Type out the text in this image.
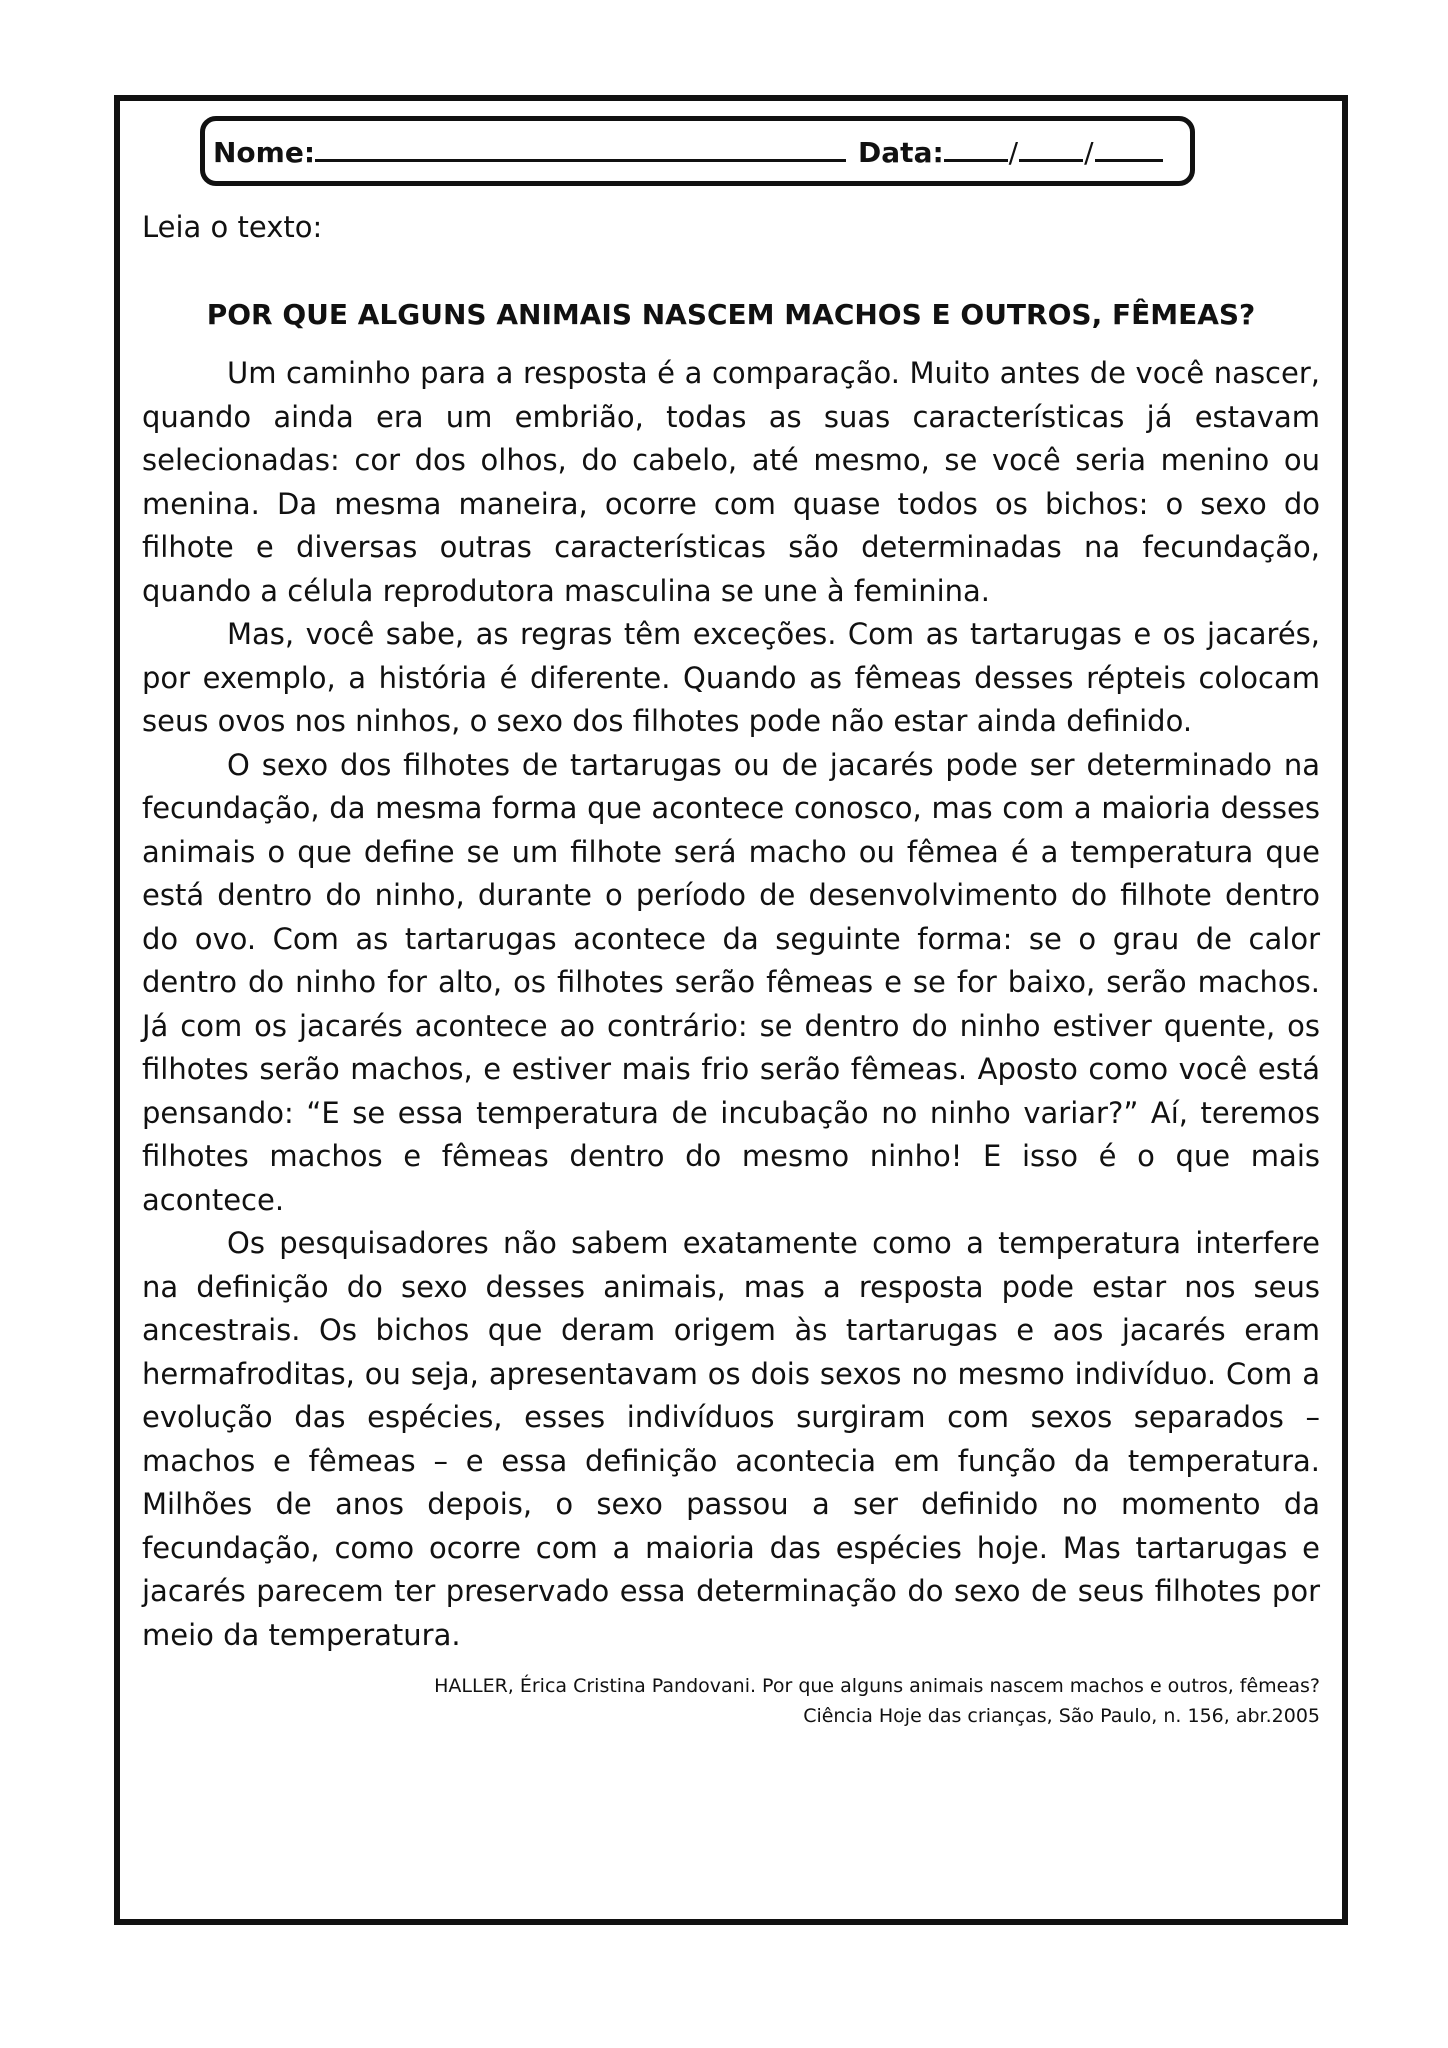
Nome:	Data: / /
Leia o texto:
POR QUE ALGUNS ANIMAIS NASCEM MACHOS E OUTROS, FÊMEAS?

Um caminho para a resposta é a comparação. Muito antes de você nascer, quando ainda era um embrião, todas as suas características já estavam selecionadas: cor dos olhos, do cabelo, até mesmo, se você seria menino ou menina. Da mesma maneira, ocorre com quase todos os bichos: o sexo do filhote e diversas outras características são determinadas na fecundação, quando a célula reprodutora masculina se une à feminina.

Mas, você sabe, as regras têm exceções. Com as tartarugas e os jacarés, por exemplo, a história é diferente. Quando as fêmeas desses répteis colocam seus ovos nos ninhos, o sexo dos filhotes pode não estar ainda definido.

O sexo dos filhotes de tartarugas ou de jacarés pode ser determinado na fecundação, da mesma forma que acontece conosco, mas com a maioria desses animais o que define se um filhote será macho ou fêmea é a temperatura que está dentro do ninho, durante o período de desenvolvimento do filhote dentro do ovo. Com as tartarugas acontece da seguinte forma: se o grau de calor dentro do ninho for alto, os filhotes serão fêmeas e se for baixo, serão machos. Já com os jacarés acontece ao contrário: se dentro do ninho estiver quente, os filhotes serão machos, e estiver mais frio serão fêmeas. Aposto como você está pensando: “E se essa temperatura de incubação no ninho variar?” Aí, teremos filhotes machos e fêmeas dentro do mesmo ninho! E isso é o que mais acontece.

Os pesquisadores não sabem exatamente como a temperatura interfere na definição do sexo desses animais, mas a resposta pode estar nos seus ancestrais. Os bichos que deram origem às tartarugas e aos jacarés eram hermafroditas, ou seja, apresentavam os dois sexos no mesmo indivíduo. Com a evolução das espécies, esses indivíduos surgiram com sexos separados – machos e fêmeas – e essa definição acontecia em função da temperatura. Milhões de anos depois, o sexo passou a ser definido no momento da fecundação, como ocorre com a maioria das espécies hoje. Mas tartarugas e jacarés parecem ter preservado essa determinação do sexo de seus filhotes por meio da temperatura.

HALLER, Érica Cristina Pandovani. Por que alguns animais nascem machos e outros, fêmeas?
Ciência Hoje das crianças, São Paulo, n. 156, abr.2005
